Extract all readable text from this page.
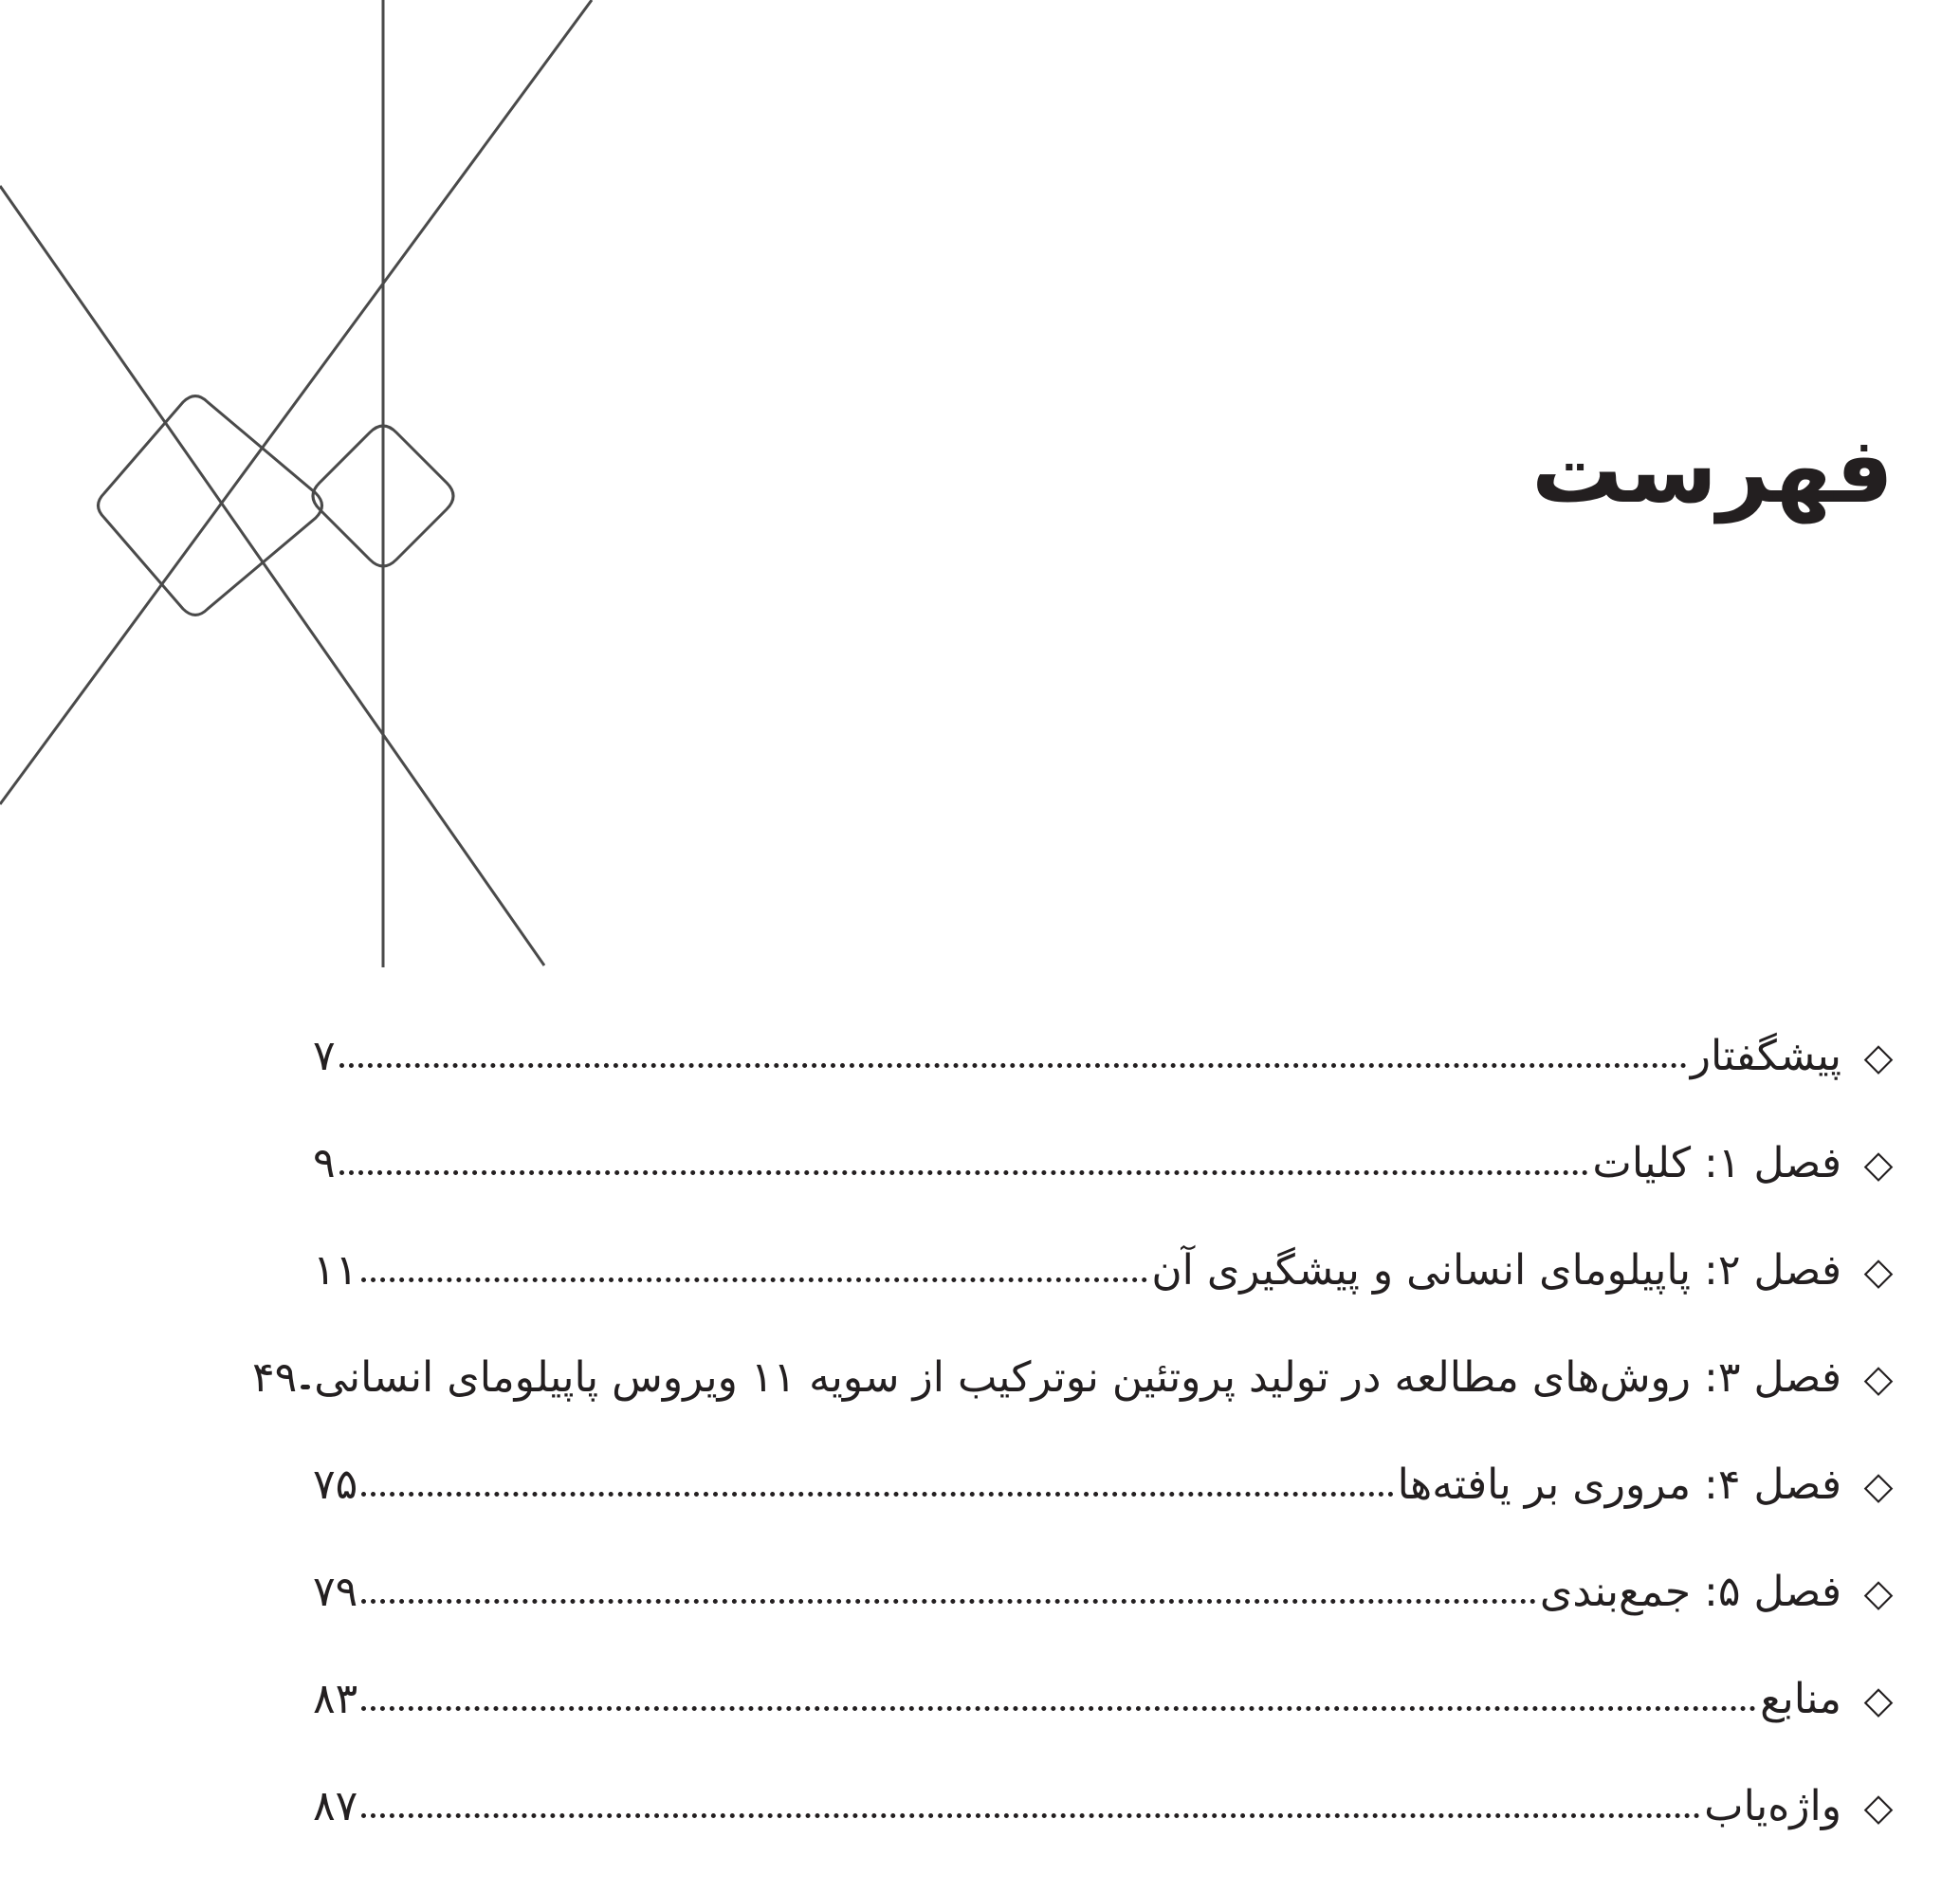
فهرست
◇
پیشگفتار
۷
◇
فصل ۱: کلیات
۹
◇
فصل ۲: پاپیلومای انسانی و پیشگیری آن
۱۱
◇
فصل ۳: روش‌های مطالعه در تولید پروتئین نوترکیب از سویه ۱۱ ویروس پاپیلومای انسانی
۴۹
◇
فصل ۴: مروری بر یافته‌ها
۷۵
◇
فصل ۵: جمع‌بندی
۷۹
◇
منابع
۸۳
◇
واژه‌یاب
۸۷
